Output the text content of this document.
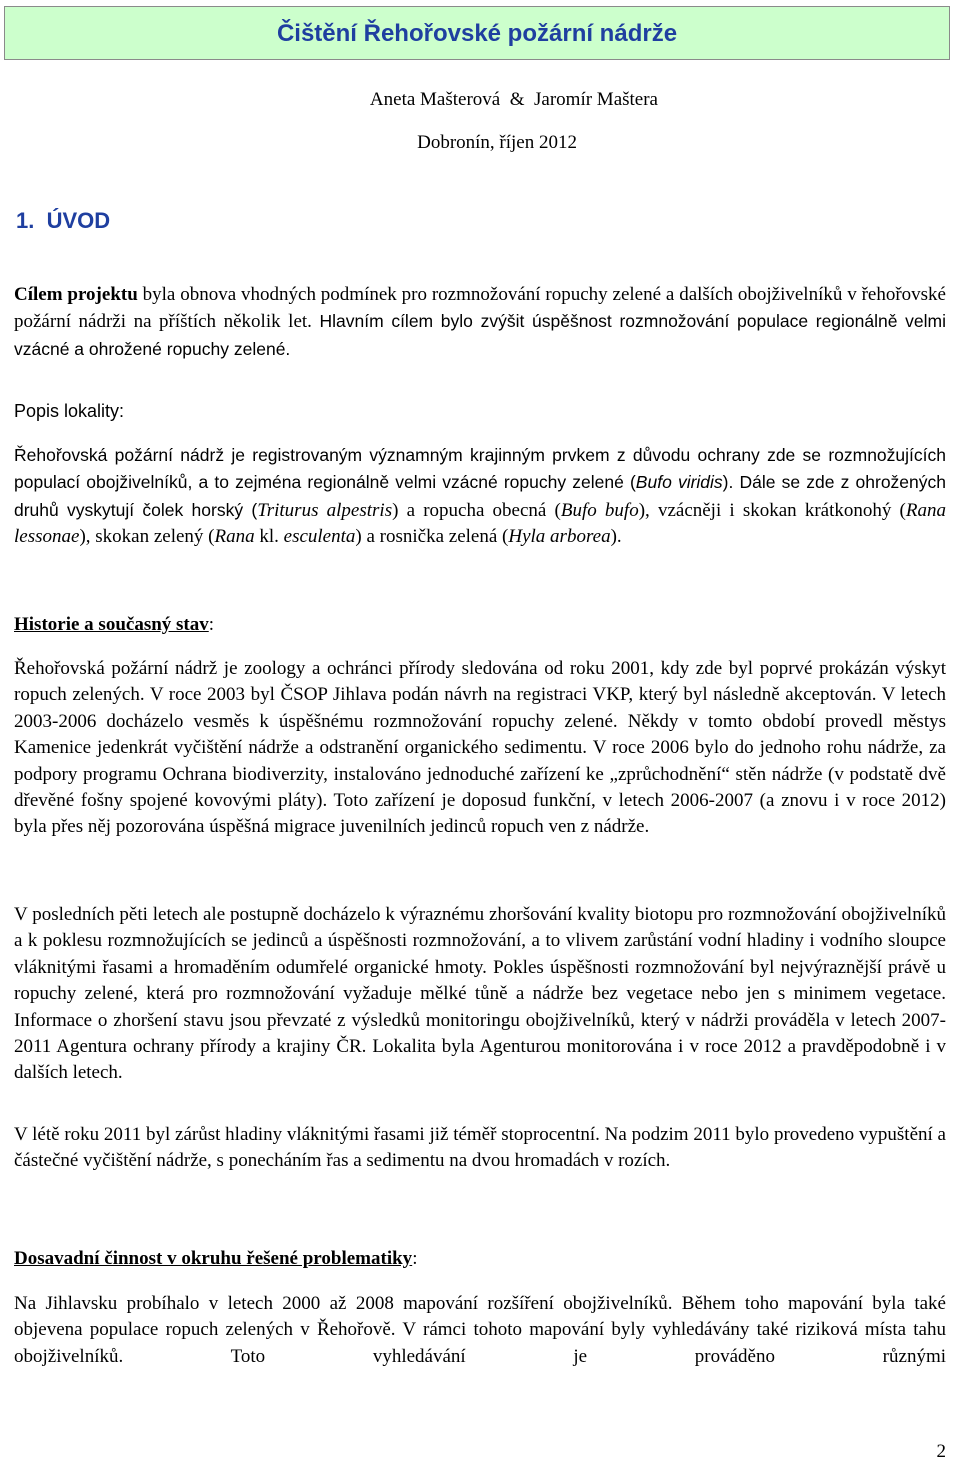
Čištění Řehořovské požární nádrže
Aneta Mašterová  &  Jaromír Maštera
Dobronín, říjen 2012
1.  ÚVOD

Cílem projektu byla obnova vhodných podmínek pro rozmnožování ropuchy zelené a dalších obojživelníků v řehořovské požární nádrži na příštích několik let. Hlavním cílem bylo zvýšit úspěšnost rozmnožování populace regionálně velmi vzácné a ohrožené ropuchy zelené.

Popis lokality:

Řehořovská požární nádrž je registrovaným významným krajinným prvkem z důvodu ochrany zde se rozmnožujících populací obojživelníků, a to zejména regionálně velmi vzácné ropuchy zelené (Bufo viridis). Dále se zde z ohrožených druhů vyskytují čolek horský (Triturus alpestris) a ropucha obecná (Bufo bufo), vzácněji i skokan krátkonohý (Rana lessonae), skokan zelený (Rana kl. esculenta) a rosnička zelená (Hyla arborea).

Historie a současný stav:

Řehořovská požární nádrž je zoology a ochránci přírody sledována od roku 2001, kdy zde byl poprvé prokázán výskyt ropuch zelených. V roce 2003 byl ČSOP Jihlava podán návrh na registraci VKP, který byl následně akceptován. V letech 2003-2006 docházelo vesměs k úspěšnému rozmnožování ropuchy zelené. Někdy v tomto období provedl městys Kamenice jedenkrát vyčištění nádrže a odstranění organického sedimentu. V roce 2006 bylo do jednoho rohu nádrže, za podpory programu Ochrana biodiverzity, instalováno jednoduché zařízení ke „zprůchodnění“ stěn nádrže (v podstatě dvě dřevěné fošny spojené kovovými pláty). Toto zařízení je doposud funkční, v letech 2006-2007 (a znovu i v roce 2012) byla přes něj pozorována úspěšná migrace juvenilních jedinců ropuch ven z nádrže.

V posledních pěti letech ale postupně docházelo k výraznému zhoršování kvality biotopu pro rozmnožování obojživelníků a k poklesu rozmnožujících se jedinců a úspěšnosti rozmnožování, a to vlivem zarůstání vodní hladiny i vodního sloupce vláknitými řasami a hromaděním odumřelé organické hmoty. Pokles úspěšnosti rozmnožování byl nejvýraznější právě u ropuchy zelené, která pro rozmnožování vyžaduje mělké tůně a nádrže bez vegetace nebo jen s minimem vegetace. Informace o zhoršení stavu jsou převzaté z výsledků monitoringu obojživelníků, který v nádrži prováděla v letech 2007-2011 Agentura ochrany přírody a krajiny ČR. Lokalita byla Agenturou monitorována i v roce 2012 a pravděpodobně i v dalších letech.

V létě roku 2011 byl zárůst hladiny vláknitými řasami již téměř stoprocentní. Na podzim 2011 bylo provedeno vypuštění a částečné vyčištění nádrže, s ponecháním řas a sedimentu na dvou hromadách v rozích.

Dosavadní činnost v okruhu řešené problematiky:

Na Jihlavsku probíhalo v letech 2000 až 2008 mapování rozšíření obojživelníků. Během toho mapování byla také objevena populace ropuch zelených v Řehořově. V rámci tohoto mapování byly vyhledávány také riziková místa tahu obojživelníků. Toto vyhledávání je prováděno různými

2
